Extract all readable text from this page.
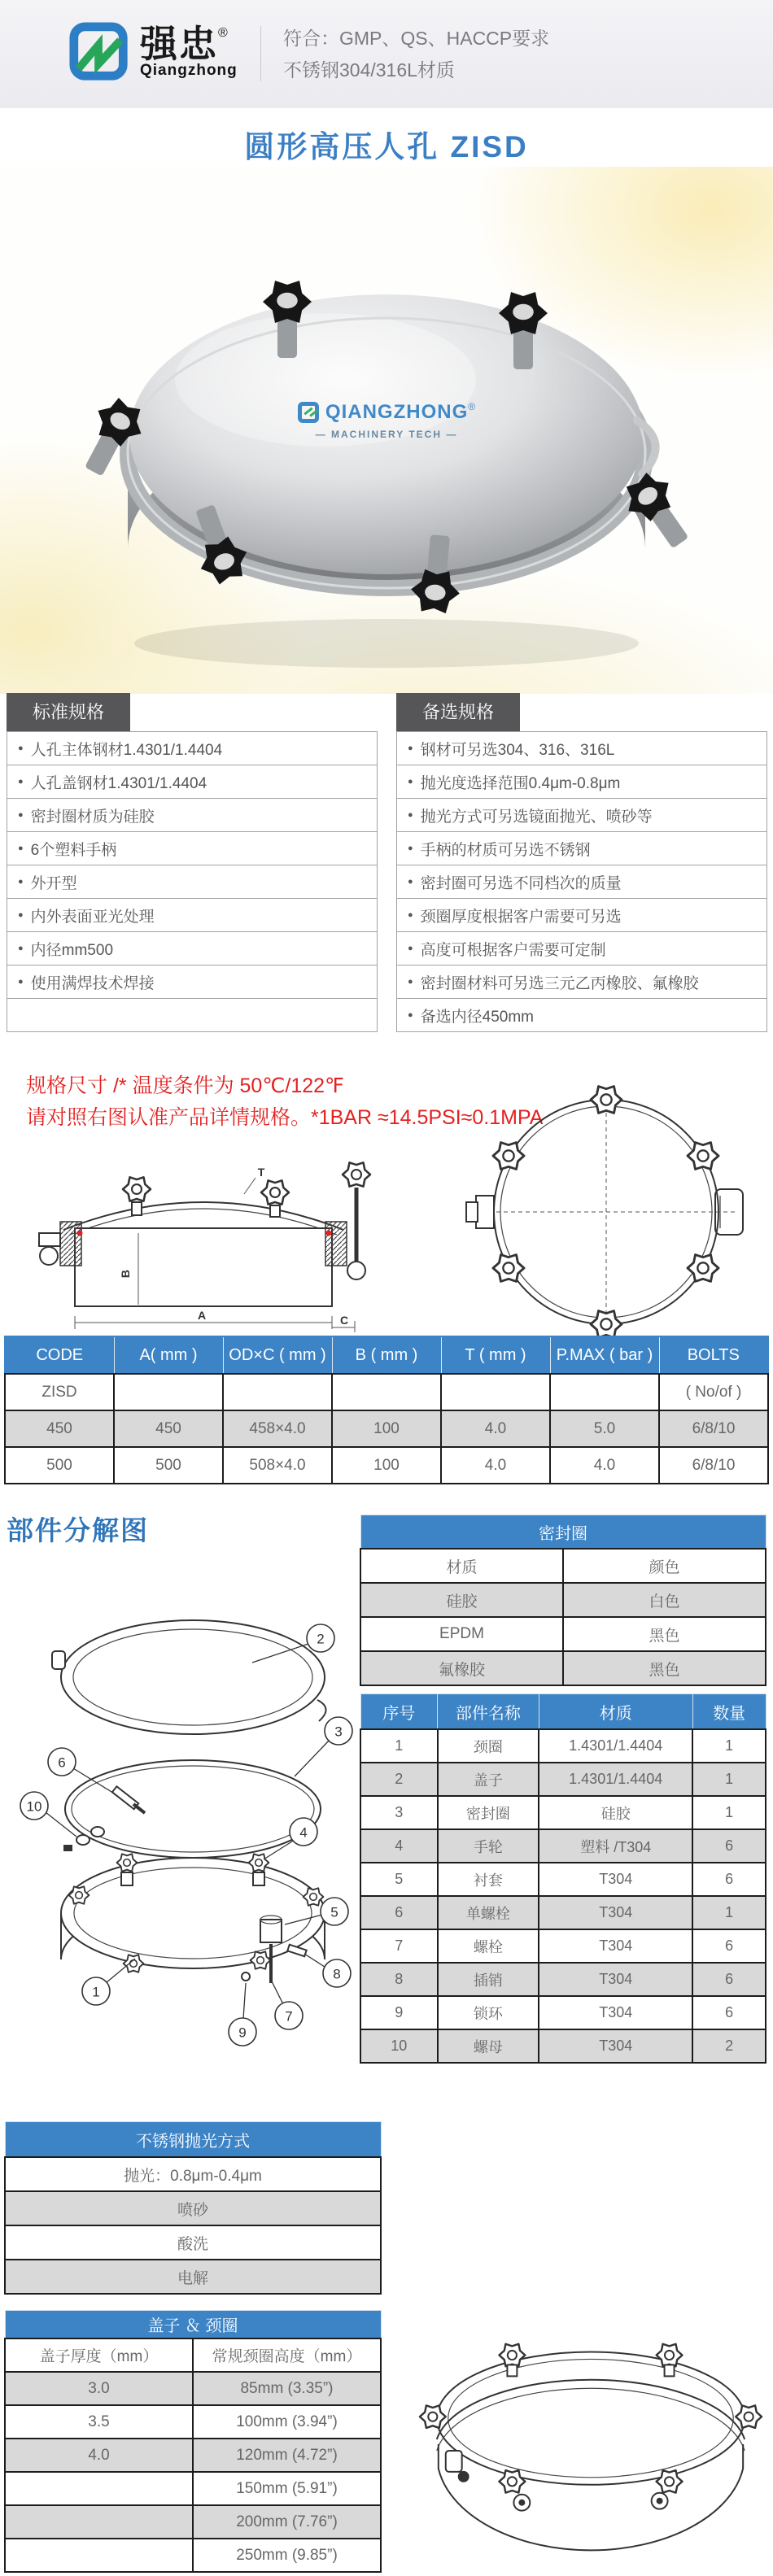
强忠®
Qiangzhong
符合：GMP、QS、HACCP要求
不锈钢304/316L材质
圆形高压人孔 ZISD
QIANGZHONG®
— MACHINERY TECH —
标准规格
● 人孔主体钢材1.4301/1.4404
● 人孔盖钢材1.4301/1.4404
● 密封圈材质为硅胶
● 6个塑料手柄
● 外开型
● 内外表面亚光处理
● 内径mm500
● 使用满焊技术焊接
备选规格
● 钢材可另选304、316、316L
● 抛光度选择范围0.4μm-0.8μm
● 抛光方式可另选镜面抛光、喷砂等
● 手柄的材质可另选不锈钢
● 密封圈可另选不同档次的质量
● 颈圈厚度根据客户需要可另选
● 高度可根据客户需要可定制
● 密封圈材料可另选三元乙丙橡胶、氟橡胶
● 备选内径450mm
规格尺寸 /* 温度条件为 50℃/122℉
请对照右图认准产品详情规格。*1BAR ≈14.5PSI≈0.1MPA
B
A	C
T
CODE	A( mm )	OD×C ( mm )	B ( mm )	T ( mm )	P.MAX ( bar )	BOLTS
ZISD						( No/of )
450	450	458×4.0	100	4.0	5.0	6/8/10
500	500	508×4.0	100	4.0	4.0	6/8/10
部件分解图
2
3
6
10
4
5
1
9
7
8
密封圈	
材质	颜色
硅胶	白色
EPDM	黑色
氟橡胶	黑色
序号	部件名称	材质	数量
1	颈圈	1.4301/1.4404	1
2	盖子	1.4301/1.4404	1
3	密封圈	硅胶	1
4	手轮	塑料 /T304	6
5	衬套	T304	6
6	单螺栓	T304	1
7	螺栓	T304	6
8	插销	T304	6
9	锁环	T304	6
10	螺母	T304	2
不锈钢抛光方式
抛光：0.8μm-0.4μm
喷砂
酸洗
电解
盖子 ＆ 颈圈	
盖子厚度（mm）	常规颈圈高度（mm）
3.0	85mm (3.35”)
3.5	100mm (3.94”)
4.0	120mm (4.72”)
	150mm (5.91”)
	200mm (7.76”)
	250mm (9.85”)
